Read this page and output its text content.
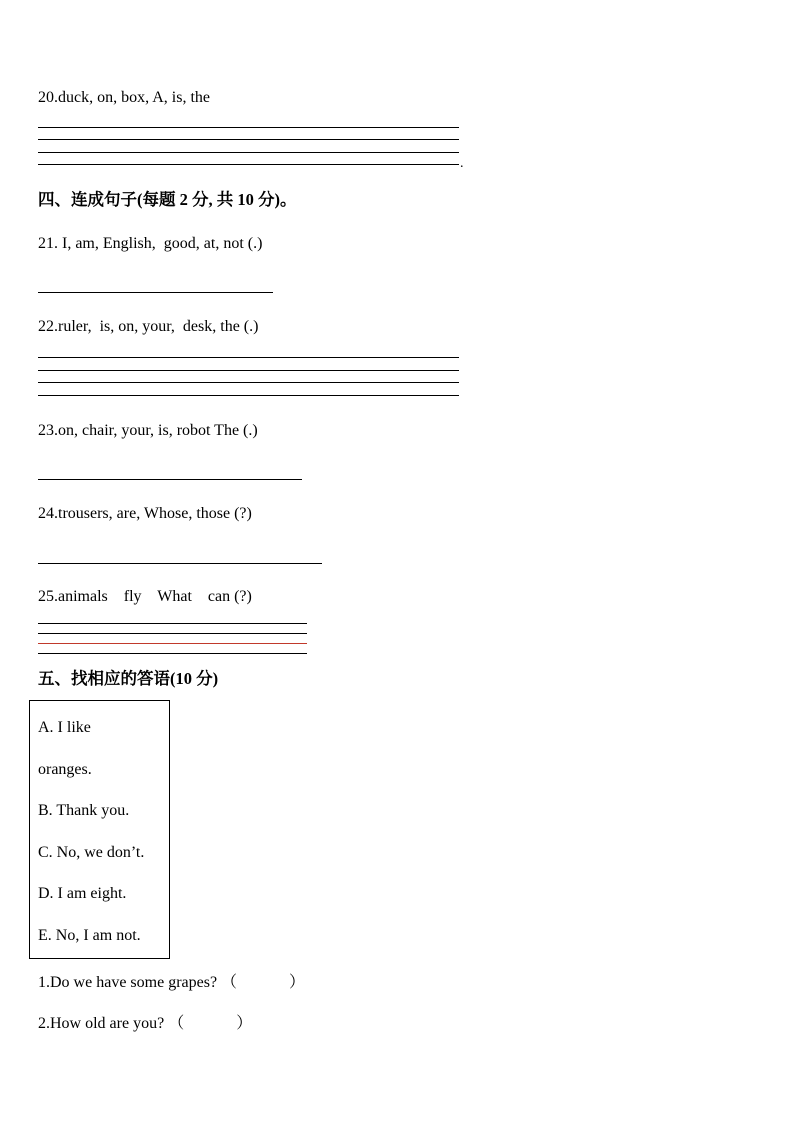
20.duck, on, box, A, is, the
.
四、连成句子(每题 2 分, 共 10 分)。
21. I, am, English,  good, at, not (.)
22.ruler,  is, on, your,  desk, the (.)
23.on, chair, your, is, robot The (.)
24.trousers, are, Whose, those (?)
25.animals    fly    What    can (?)
五、找相应的答语(10 分)
A. I like
oranges.
B. Thank you.
C. No, we don’t.
D. I am eight.
E. No, I am not.
1.Do we have some grapes? （             ）
2.How old are you? （             ）
